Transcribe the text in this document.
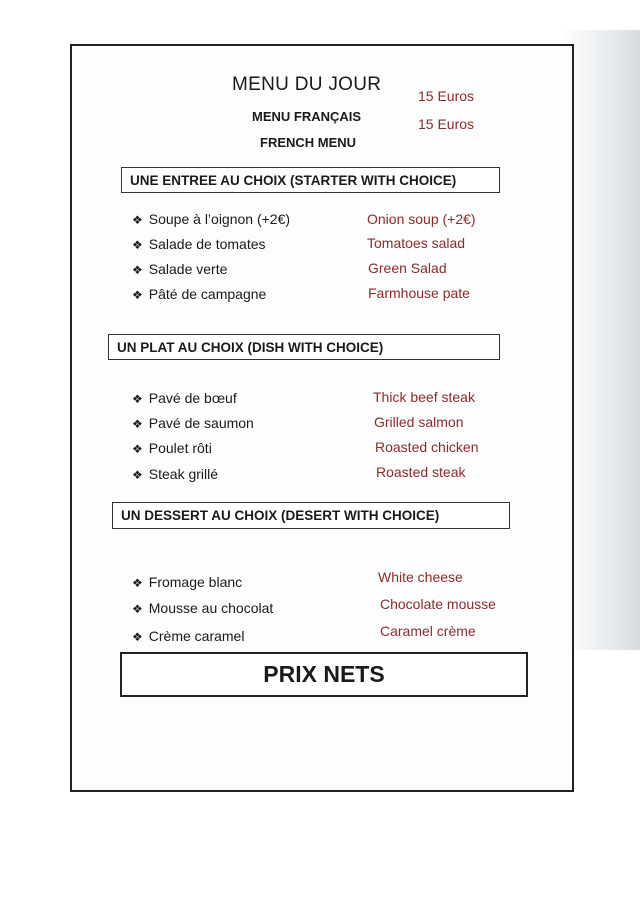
MENU DU JOUR
15 Euros
MENU FRANÇAIS	15 Euros
FRENCH MENU
UNE ENTREE AU CHOIX (STARTER WITH CHOICE)
❖ Soupe à l’oignon (+2€)	Onion soup (+2€)
❖ Salade de tomates	Tomatoes salad
❖ Salade verte	Green Salad
❖ Pâté de campagne	Farmhouse pate
UN PLAT AU CHOIX (DISH WITH CHOICE)
❖ Pavé de bœuf	Thick beef steak
❖ Pavé de saumon	Grilled salmon
❖ Poulet rôti	Roasted chicken
❖ Steak grillé	Roasted steak
UN DESSERT AU CHOIX (DESERT WITH CHOICE)
❖ Fromage blanc	White cheese
❖ Mousse au chocolat	Chocolate mousse
❖ Crème caramel	Caramel crème
PRIX NETS
